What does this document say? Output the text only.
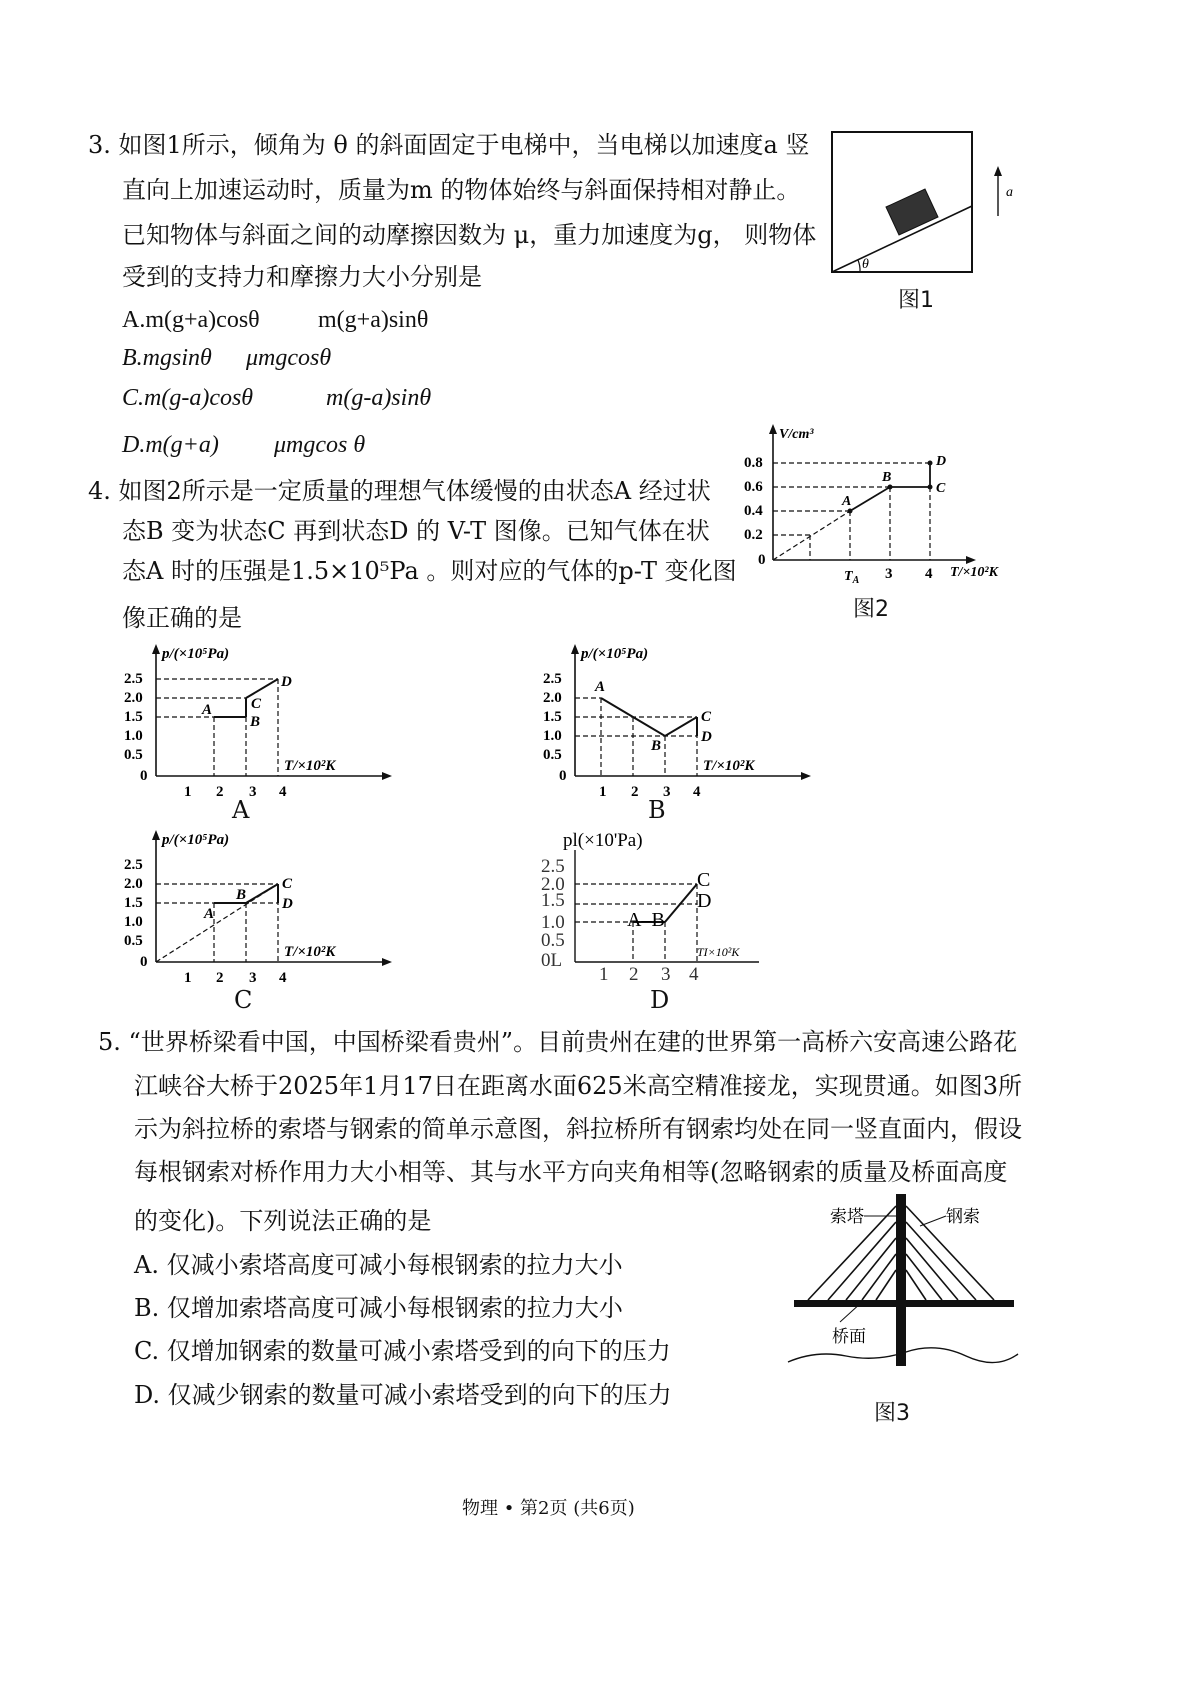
3. 如图1所示，倾角为 θ 的斜面固定于电梯中，当电梯以加速度a 竖
直向上加速运动时，质量为m 的物体始终与斜面保持相对静止。
已知物体与斜面之间的动摩擦因数为 μ，重力加速度为g， 则物体
受到的支持力和摩擦力大小分别是
A.m(g+a)cosθ m(g+a)sinθ
B.mgsinθ μmgcosθ
C.m(g-a)cosθ	m(g-a)sinθ
D.m(g+a) μmgcos θ
θ
a
图1
V/cm³
T/×10²K
0.8
0.6
0.4
0.2
0
$T_A$ 3 4
A
B
C
D
图2
4. 如图2所示是一定质量的理想气体缓慢的由状态A 经过状
态B 变为状态C 再到状态D 的 V-T 图像。已知气体在状
态A 时的压强是1.5×10⁵Pa 。则对应的气体的p-T 变化图
像正确的是
p/(×10⁵Pa)
T/×10²K
2.5
2.0
1.5
1.0
0.5
0
1 2 3 4
A
B
C
D
A
p/(×10⁵Pa)
T/×10²K
2.5
2.0
1.5
1.0
0.5
0
1 2 3 4
A
B
C
D
B
p/(×10⁵Pa)
T/×10²K
2.5
2.0
1.5
1.0
0.5
0
1 2 3 4
A
B
C
D
C
pl(×10'Pa)
2.5
2.0
1.5
1.0
0.5
0L
1 2 3 4
TI×10²K
A–B
C
D
D
5. “世界桥梁看中国，中国桥梁看贵州”。目前贵州在建的世界第一高桥六安高速公路花
江峡谷大桥于2025年1月17日在距离水面625米高空精准接龙，实现贯通。如图3所
示为斜拉桥的索塔与钢索的简单示意图，斜拉桥所有钢索均处在同一竖直面内，假设
每根钢索对桥作用力大小相等、其与水平方向夹角相等(忽略钢索的质量及桥面高度
的变化)。下列说法正确的是
A. 仅减小索塔高度可减小每根钢索的拉力大小
B. 仅增加索塔高度可减小每根钢索的拉力大小
C. 仅增加钢索的数量可减小索塔受到的向下的压力
D. 仅减少钢索的数量可减小索塔受到的向下的压力
索塔	钢索
桥面
图3
物理 • 第2页 (共6页)
